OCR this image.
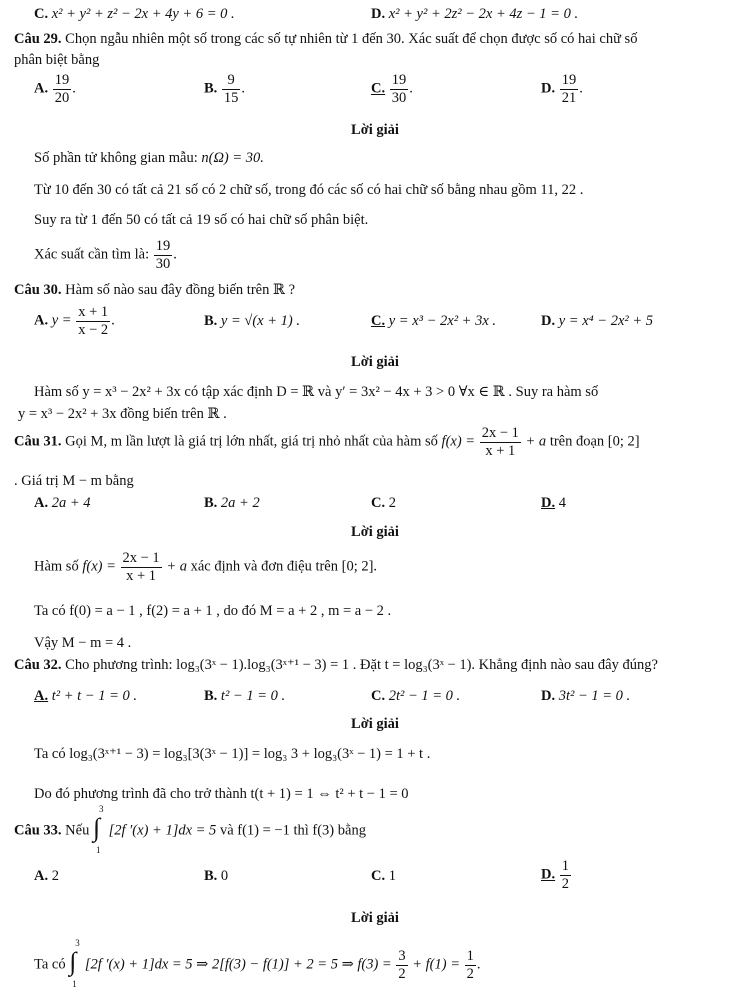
C. x² + y² + z² − 2x + 4y + 6 = 0 .	D. x² + y² + 2z² − 2x + 4z − 1 = 0 .
Câu 29. Chọn ngẫu nhiên một số trong các số tự nhiên từ 1 đến 30. Xác suất để chọn được số có hai chữ số
phân biệt bằng
A. $\frac{19}{20}$ .	B. $\frac{9}{15}$ .	C. $\frac{19}{30}$ .	D. $\frac{19}{21}$ .
Lời giải
Số phần tử không gian mẫu: n(Ω) = 30.
Từ 10 đến 30 có tất cả 21 số có 2 chữ số, trong đó các số có hai chữ số bằng nhau gồm 11, 22 .
Suy ra từ 1 đến 50 có tất cả 19 số có hai chữ số phân biệt.
Xác suất cần tìm là: $\frac{19}{30}$ .
Câu 30. Hàm số nào sau đây đồng biến trên ℝ ?
A. $y = \frac{x + 1}{x - 2}$ .	B. y = √(x + 1) .	C. y = x³ − 2x² + 3x .	D. y = x⁴ − 2x² + 5
Lời giải
Hàm số y = x³ − 2x² + 3x có tập xác định D = ℝ và y′ = 3x² − 4x + 3 > 0 ∀x ∈ ℝ . Suy ra hàm số
y = x³ − 2x² + 3x đồng biến trên ℝ .
Câu 31. Gọi M, m lần lượt là giá trị lớn nhất, giá trị nhỏ nhất của hàm số $f(x) = \frac{2x - 1}{x + 1} + a$ trên đoạn [0; 2]
. Giá trị M − m bằng
A. 2a + 4	B. 2a + 2	C. 2	D. 4
Lời giải
Hàm số $f(x) = \frac{2x - 1}{x + 1} + a$ xác định và đơn điệu trên [0; 2].
Ta có f(0) = a − 1 , f(2) = a + 1 , do đó M = a + 2 , m = a − 2 .
Vậy M − m = 4 .
Câu 32. Cho phương trình: log₃(3ˣ − 1).log₃(3ˣ⁺¹ − 3) = 1 . Đặt t = log₃(3ˣ − 1). Khẳng định nào sau đây đúng?
A. t² + t − 1 = 0 .	B. t² − 1 = 0 .	C. 2t² − 1 = 0 .	D. 3t² − 1 = 0 .
Lời giải
Ta có log₃(3ˣ⁺¹ − 3) = log₃[3(3ˣ − 1)] = log₃ 3 + log₃(3ˣ − 1) = 1 + t .
Do đó phương trình đã cho trở thành t(t + 1) = 1 ⇔ t² + t − 1 = 0
Câu 33. Nếu
3
∫
1
[2f ′(x) + 1]dx = 5 và f(1) = −1 thì f(3) bằng
A. 2	B. 0	C. 1	D. $\frac{1}{2}$
Lời giải
Ta có
3
∫
1
[2f ′(x) + 1]dx = 5 ⇒ 2[f(3) − f(1)] + 2 = 5 ⇒ $f(3) = \frac{3}{2} + f(1) = \frac{1}{2}$ .
